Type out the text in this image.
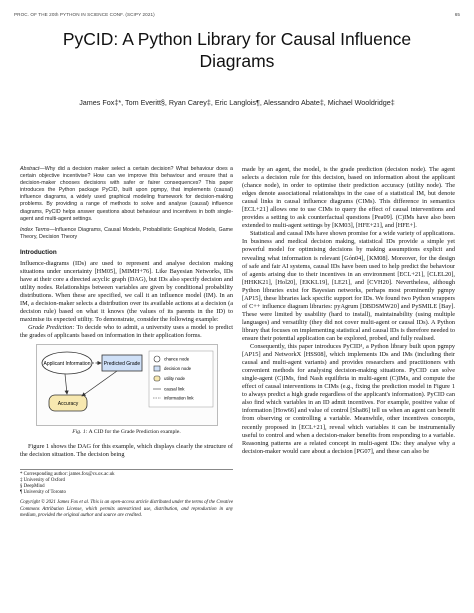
PROC. OF THE 20th PYTHON IN SCIENCE CONF. (SCIPY 2021)	65
PyCID: A Python Library for Causal Influence
Diagrams
James Fox‡*, Tom Everitt§, Ryan Carey‡, Eric Langlois¶, Alessandro Abate‡, Michael Wooldridge‡
Abstract—Why did a decision maker select a certain decision? What behaviour does a certain objective incentivise? How can we improve this behaviour and ensure that a decision-maker chooses decisions with safer or fairer consequences? This paper introduces the Python package PyCID, built upon pgmpy, that implements (causal) influence diagrams, a widely used graphical modeling framework for decision-making problems. By providing a range of methods to solve and analyse (causal) influence diagrams, PyCID helps answer questions about behaviour and incentives in both single-agent and multi-agent settings.
Index Terms—Influence Diagrams, Causal Models, Probabilistic Graphical Models, Game Theory, Decision Theory
Introduction

Influence-diagrams (IDs) are used to represent and analyse decision making situations under uncertainty [HM05], [MIMH+76]. Like Bayesian Networks, IDs have at their core a directed acyclic graph (DAG), but IDs also specify decision and utility nodes. Relationships between variables are given by conditional probability distributions. When these are specified, we call it an influence model (IM). In an IM, a decision-maker selects a distribution over its available actions at a decision (a decision rule) based on what it knows (the values of its parents in the ID) to maximise its expected utility. To demonstrate, consider the following example:

Grade Prediction: To decide who to admit, a university uses a model to predict the grades of applicants based on information in their application forms.

Applicant Information	Predicted Grade
Accuracy
chance node
decision node
utility node
causal link
information link
Fig. 1: A CID for the Grade Prediction example.

Figure 1 shows the DAG for this example, which displays clearly the structure of the decision situation. The decision being

* Corresponding author: james.fox@cs.ox.ac.uk
‡ University of Oxford
§ DeepMind
¶ University of Toronto
Copyright © 2021 James Fox et al. This is an open-access article distributed under the terms of the Creative Commons Attribution License, which permits unrestricted use, distribution, and reproduction in any medium, provided the original author and source are credited.

made by an agent, the model, is the grade prediction (decision node). The agent selects a decision rule for this decision, based on information about the applicant (chance node), in order to optimise their prediction accuracy (utility node). The edges denote associational relationships in the case of a statistical IM, but denote causal links in causal influence diagrams (CIMs). This difference in semantics [ECL+21] allows one to use CIMs to query the effect of causal interventions and provides a setting to ask counterfactual questions [Pea09]. (C)IMs have also been extended to multi-agent settings by [KM03], [HFE+21], and [HFE+].

Statistical and causal IMs have shown promise for a wide variety of applications. In business and medical decision making, statistical IDs provide a simple yet powerful model for optimising decisions by making assumptions explicit and revealing what information is relevant [Gón04], [KM08]. Moreover, for the design of safe and fair AI systems, causal IDs have been used to help predict the behaviour of agents arising due to their incentives in an environment [ECL+21], [CLEL20], [HHKK21], [Hol20], [EKKL19], [LE21], and [CVH20]. Nevertheless, although Python libraries exist for Bayesian networks, perhaps most prominently pgmpy [AP15], these libraries lack specific support for IDs. We found two Python wrappers of C++ influence diagram libraries: pyAgrum [DBDSMW20] and PySMILE [Bay]. These were limited by usability (hard to install), maintainability (using multiple languages) and versatility (they did not cover multi-agent or causal IDs). A Python library that focuses on implementing statistical and causal IDs is therefore needed to ensure their potential application can be explored, probed, and fully realised.

Consequently, this paper introduces PyCID¹, a Python library built upon pgmpy [AP15] and NetworkX [HSS08], which implements IDs and IMs (including their causal and multi-agent variants) and provides researchers and practitioners with convenient methods for analysing decision-making situations. PyCID can solve single-agent (C)IMs, find Nash equilibria in multi-agent (C)IMs, and compute the effect of causal interventions in CIMs (e.g., fixing the prediction model in Figure 1 to always predict a high grade regardless of the applicant's information). PyCID can also find which variables in an ID admit incentives. For example, positive value of information [How66] and value of control [Sha86] tell us when an agent can benefit from observing or controlling a variable. Meanwhile, other incentives concepts, recently proposed in [ECL+21], reveal which variables it can be instrumentally useful to control and when a decision-maker benefits from responding to a variable. Reasoning patterns are a related concept in multi-agent IDs: they analyse why a decision-maker would care about a decision [PG07], and these can also be
